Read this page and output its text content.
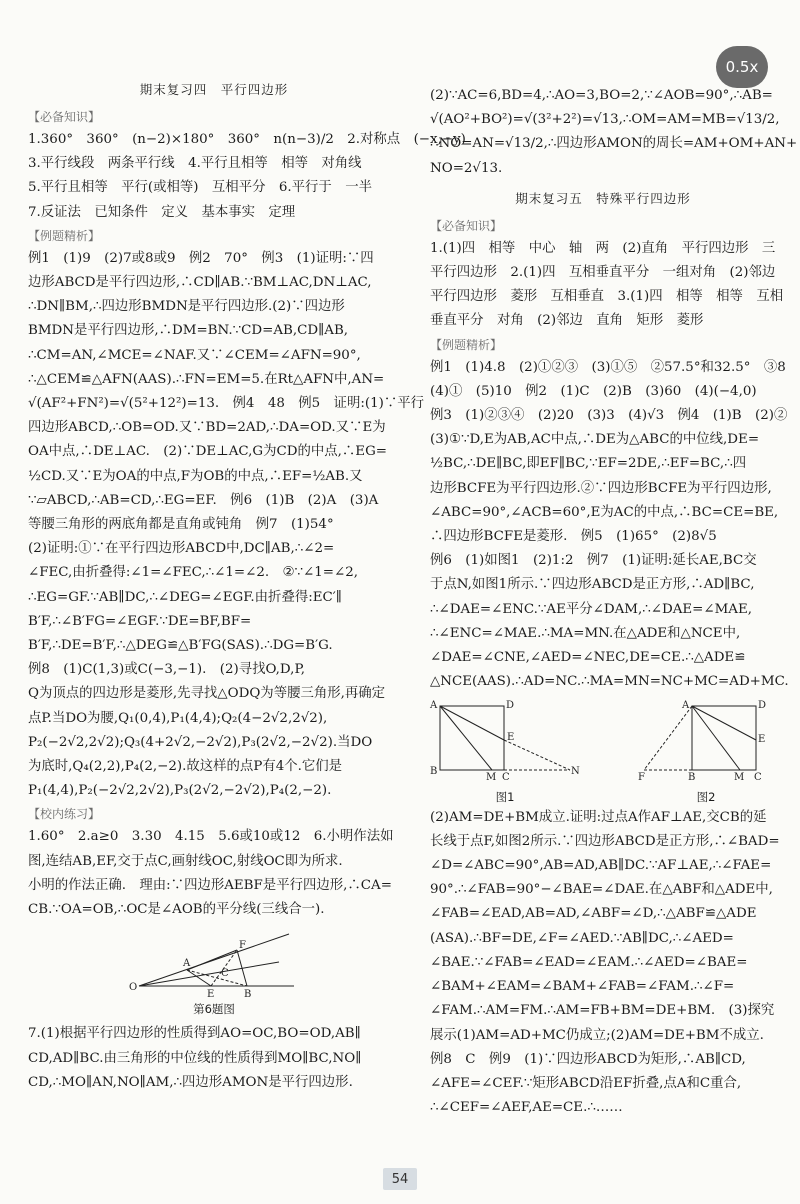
0.5x
期末复习四　平行四边形
【必备知识】
1.360°　360°　(n−2)×180°　360°　n(n−3)/2　2.对称点　(−x,−y)
3.平行线段　两条平行线　4.平行且相等　相等　对角线
5.平行且相等　平行(或相等)　互相平分　6.平行于　一半
7.反证法　已知条件　定义　基本事实　定理
【例题精析】
例1　(1)9　(2)7或8或9　例2　70°　例3　(1)证明:∵四
边形ABCD是平行四边形,∴CD∥AB.∵BM⊥AC,DN⊥AC,
∴DN∥BM,∴四边形BMDN是平行四边形.(2)∵四边形
BMDN是平行四边形,∴DM=BN.∵CD=AB,CD∥AB,
∴CM=AN,∠MCE=∠NAF.又∵∠CEM=∠AFN=90°,
∴△CEM≌△AFN(AAS).∴FN=EM=5.在Rt△AFN中,AN=
√(AF²+FN²)=√(5²+12²)=13.　例4　48　例5　证明:(1)∵平行
四边形ABCD,∴OB=OD.又∵BD=2AD,∴DA=OD.又∵E为
OA中点,∴DE⊥AC.　(2)∵DE⊥AC,G为CD的中点,∴EG=
½CD.又∵E为OA的中点,F为OB的中点,∴EF=½AB.又
∵▱ABCD,∴AB=CD,∴EG=EF.　例6　(1)B　(2)A　(3)A
等腰三角形的两底角都是直角或钝角　例7　(1)54°
(2)证明:①∵在平行四边形ABCD中,DC∥AB,∴∠2=
∠FEC,由折叠得:∠1=∠FEC,∴∠1=∠2.　②∵∠1=∠2,
∴EG=GF.∵AB∥DC,∴∠DEG=∠EGF.由折叠得:EC′∥
B′F,∴∠B′FG=∠EGF.∵DE=BF,BF=
B′F,∴DE=B′F,∴△DEG≌△B′FG(SAS).∴DG=B′G.
例8　(1)C(1,3)或C(−3,−1).　(2)寻找O,D,P,
Q为顶点的四边形是菱形,先寻找△ODQ为等腰三角形,再确定
点P.当DO为腰,Q₁(0,4),P₁(4,4);Q₂(4−2√2,2√2),
P₂(−2√2,2√2);Q₃(4+2√2,−2√2),P₃(2√2,−2√2).当DO
为底时,Q₄(2,2),P₄(2,−2).故这样的点P有4个.它们是
P₁(4,4),P₂(−2√2,2√2),P₃(2√2,−2√2),P₄(2,−2).
【校内练习】
1.60°　2.a≥0　3.30　4.15　5.6或10或12　6.小明作法如
图,连结AB,EF,交于点C,画射线OC,射线OC即为所求.
小明的作法正确.　理由:∵四边形AEBF是平行四边形,∴CA=
CB.∵OA=OB,∴OC是∠AOB的平分线(三线合一).
O
A
F
C
E	B
第6题图
7.(1)根据平行四边形的性质得到AO=OC,BO=OD,AB∥
CD,AD∥BC.由三角形的中位线的性质得到MO∥BC,NO∥
CD,∴MO∥AN,NO∥AM,∴四边形AMON是平行四边形.
(2)∵AC=6,BD=4,∴AO=3,BO=2,∵∠AOB=90°,∴AB=
√(AO²+BO²)=√(3²+2²)=√13,∴OM=AM=MB=√13/2,
∴NO=AN=√13/2,∴四边形AMON的周长=AM+OM+AN+
NO=2√13.
期末复习五　特殊平行四边形
【必备知识】
1.(1)四　相等　中心　轴　两　(2)直角　平行四边形　三
平行四边形　2.(1)四　互相垂直平分　一组对角　(2)邻边
平行四边形　菱形　互相垂直　3.(1)四　相等　相等　互相
垂直平分　对角　(2)邻边　直角　矩形　菱形
【例题精析】
例1　(1)4.8　(2)①②③　(3)①⑤　②57.5°和32.5°　③8
(4)①　(5)10　例2　(1)C　(2)B　(3)60　(4)(−4,0)
例3　(1)②③④　(2)20　(3)3　(4)√3　例4　(1)B　(2)②
(3)①∵D,E为AB,AC中点,∴DE为△ABC的中位线,DE=
½BC,∴DE∥BC,即EF∥BC,∵EF=2DE,∴EF=BC,∴四
边形BCFE为平行四边形.②∵四边形BCFE为平行四边形,
∠ABC=90°,∠ACB=60°,E为AC的中点,∴BC=CE=BE,
∴四边形BCFE是菱形.　例5　(1)65°　(2)8√5
例6　(1)如图1　(2)1:2　例7　(1)证明:延长AE,BC交
于点N,如图1所示.∵四边形ABCD是正方形,∴AD∥BC,
∴∠DAE=∠ENC.∵AE平分∠DAM,∴∠DAE=∠MAE,
∴∠ENC=∠MAE.∴MA=MN.在△ADE和△NCE中,
∠DAE=∠CNE,∠AED=∠NEC,DE=CE.∴△ADE≌
△NCE(AAS).∴AD=NC.∴MA=MN=NC+MC=AD+MC.
A	D
E
B
M C
N
图1
A	D
E
F	B	M C
图2
(2)AM=DE+BM成立.证明:过点A作AF⊥AE,交CB的延
长线于点F,如图2所示.∵四边形ABCD是正方形,∴∠BAD=
∠D=∠ABC=90°,AB=AD,AB∥DC.∵AF⊥AE,∴∠FAE=
90°.∴∠FAB=90°−∠BAE=∠DAE.在△ABF和△ADE中,
∠FAB=∠EAD,AB=AD,∠ABF=∠D,∴△ABF≌△ADE
(ASA).∴BF=DE,∠F=∠AED.∵AB∥DC,∴∠AED=
∠BAE.∵∠FAB=∠EAD=∠EAM.∴∠AED=∠BAE=
∠BAM+∠EAM=∠BAM+∠FAB=∠FAM.∴∠F=
∠FAM.∴AM=FM.∴AM=FB+BM=DE+BM.　(3)探究
展示(1)AM=AD+MC仍成立;(2)AM=DE+BM不成立.
例8　C　例9　(1)∵四边形ABCD为矩形,∴AB∥CD,
∠AFE=∠CEF.∵矩形ABCD沿EF折叠,点A和C重合,
∴∠CEF=∠AEF,AE=CE.∴……
54
